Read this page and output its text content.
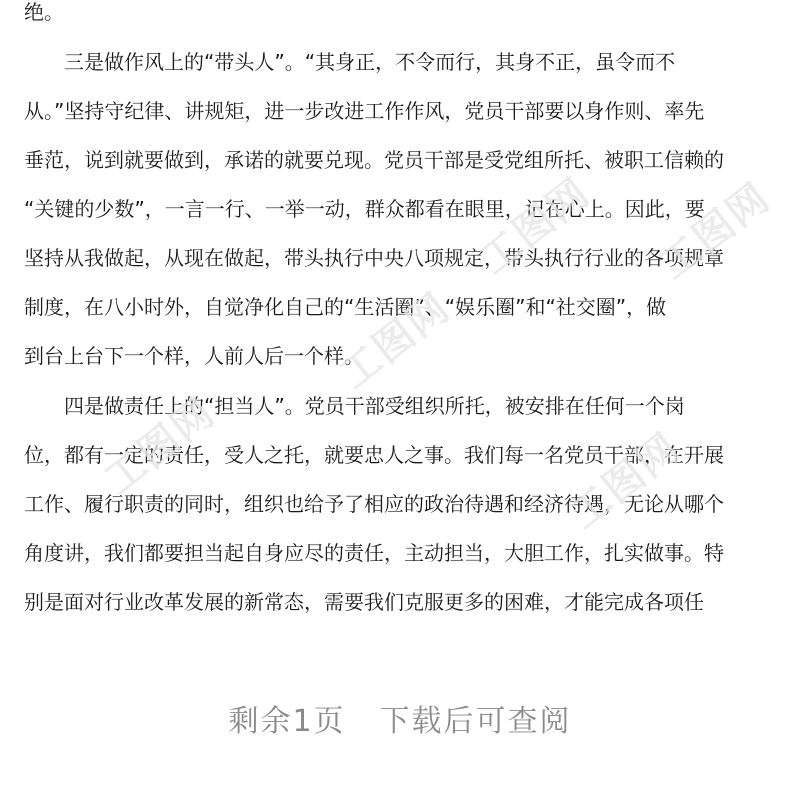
绝。

三是做作风上的“带头人”。“其身正，不令而行，其身不正，虽令而不

从。”坚持守纪律、讲规矩，进一步改进工作作风，党员干部要以身作则、率先

垂范，说到就要做到，承诺的就要兑现。党员干部是受党组所托、被职工信赖的

“关键的少数”，一言一行、一举一动，群众都看在眼里，记在心上。因此，要

坚持从我做起，从现在做起，带头执行中央八项规定，带头执行行业的各项规章

制度，在八小时外，自觉净化自己的“生活圈”、“娱乐圈”和“社交圈”，做

到台上台下一个样，人前人后一个样。

四是做责任上的“担当人”。党员干部受组织所托，被安排在任何一个岗

位，都有一定的责任，受人之托，就要忠人之事。我们每一名党员干部，在开展

工作、履行职责的同时，组织也给予了相应的政治待遇和经济待遇，无论从哪个

角度讲，我们都要担当起自身应尽的责任，主动担当，大胆工作，扎实做事。特

别是面对行业改革发展的新常态，需要我们克服更多的困难，才能完成各项任

工图网 工图网
工图网
工图网	工图网
剩余1页 下载后可查阅
